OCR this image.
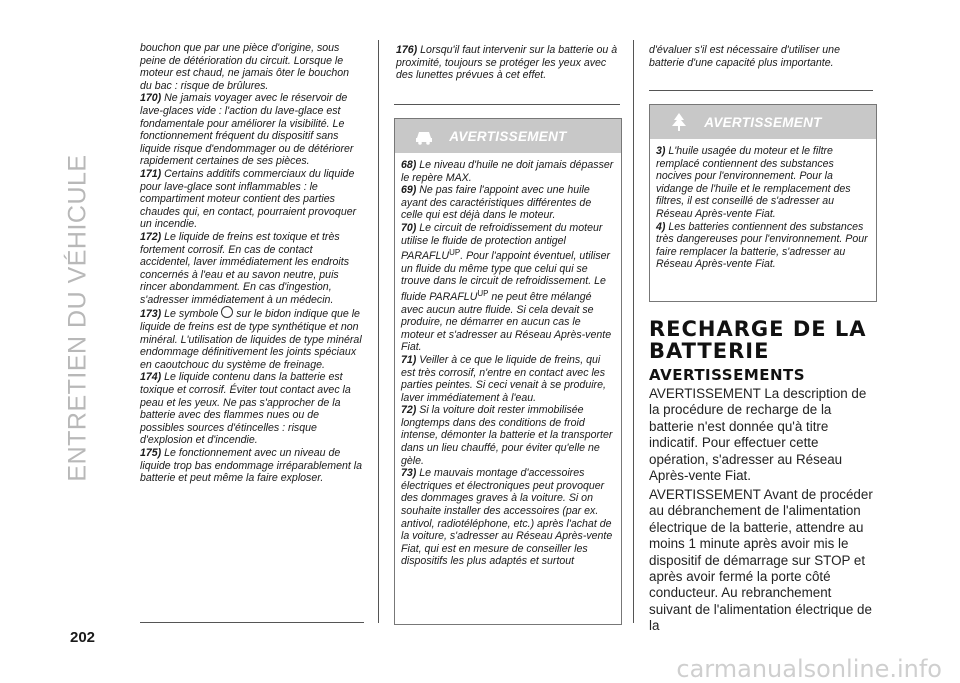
ENTRETIEN DU VÉHICULE

bouchon que par une pièce d'origine, sous peine de détérioration du circuit. Lorsque le moteur est chaud, ne jamais ôter le bouchon du bac : risque de brûlures.

170) Ne jamais voyager avec le réservoir de lave-glaces vide : l'action du lave-glace est fondamentale pour améliorer la visibilité. Le fonctionnement fréquent du dispositif sans liquide risque d'endommager ou de détériorer rapidement certaines de ses pièces.

171) Certains additifs commerciaux du liquide pour lave-glace sont inflammables : le compartiment moteur contient des parties chaudes qui, en contact, pourraient provoquer un incendie.

172) Le liquide de freins est toxique et très fortement corrosif. En cas de contact accidentel, laver immédiatement les endroits concernés à l'eau et au savon neutre, puis rincer abondamment. En cas d'ingestion, s'adresser immédiatement à un médecin.

173) Le symbole sur le bidon indique que le liquide de freins est de type synthétique et non minéral. L'utilisation de liquides de type minéral endommage définitivement les joints spéciaux en caoutchouc du système de freinage.

174) Le liquide contenu dans la batterie est toxique et corrosif. Éviter tout contact avec la peau et les yeux. Ne pas s'approcher de la batterie avec des flammes nues ou de possibles sources d'étincelles : risque d'explosion et d'incendie.

175) Le fonctionnement avec un niveau de liquide trop bas endommage irréparablement la batterie et peut même la faire exploser.

176) Lorsqu'il faut intervenir sur la batterie ou à proximité, toujours se protéger les yeux avec des lunettes prévues à cet effet.

AVERTISSEMENT

68) Le niveau d'huile ne doit jamais dépasser le repère MAX.

69) Ne pas faire l'appoint avec une huile ayant des caractéristiques différentes de celle qui est déjà dans le moteur.

70) Le circuit de refroidissement du moteur utilise le fluide de protection antigel $PARAFLU^{UP}$. Pour l'appoint éventuel, utiliser un fluide du même type que celui qui se trouve dans le circuit de refroidissement. Le fluide $PARAFLU^{UP}$ ne peut être mélangé avec aucun autre fluide. Si cela devait se produire, ne démarrer en aucun cas le moteur et s'adresser au Réseau Après-vente Fiat.

71) Veiller à ce que le liquide de freins, qui est très corrosif, n'entre en contact avec les parties peintes. Si ceci venait à se produire, laver immédiatement à l'eau.

72) Si la voiture doit rester immobilisée longtemps dans des conditions de froid intense, démonter la batterie et la transporter dans un lieu chauffé, pour éviter qu'elle ne gèle.

73) Le mauvais montage d'accessoires électriques et électroniques peut provoquer des dommages graves à la voiture. Si on souhaite installer des accessoires (par ex. antivol, radiotéléphone, etc.) après l'achat de la voiture, s'adresser au Réseau Après-vente Fiat, qui est en mesure de conseiller les dispositifs les plus adaptés et surtout

d'évaluer s'il est nécessaire d'utiliser une batterie d'une capacité plus importante.

AVERTISSEMENT

3) L'huile usagée du moteur et le filtre remplacé contiennent des substances nocives pour l'environnement. Pour la vidange de l'huile et le remplacement des filtres, il est conseillé de s'adresser au Réseau Après-vente Fiat.

4) Les batteries contiennent des substances très dangereuses pour l'environnement. Pour faire remplacer la batterie, s'adresser au Réseau Après-vente Fiat.

RECHARGE DE LA BATTERIE
AVERTISSEMENTS

AVERTISSEMENT La description de la procédure de recharge de la batterie n'est donnée qu'à titre indicatif. Pour effectuer cette opération, s'adresser au Réseau Après-vente Fiat.

AVERTISSEMENT Avant de procéder au débranchement de l'alimentation électrique de la batterie, attendre au moins 1 minute après avoir mis le dispositif de démarrage sur STOP et après avoir fermé la porte côté conducteur. Au rebranchement suivant de l'alimentation électrique de la

202

carmanualsonline.info
